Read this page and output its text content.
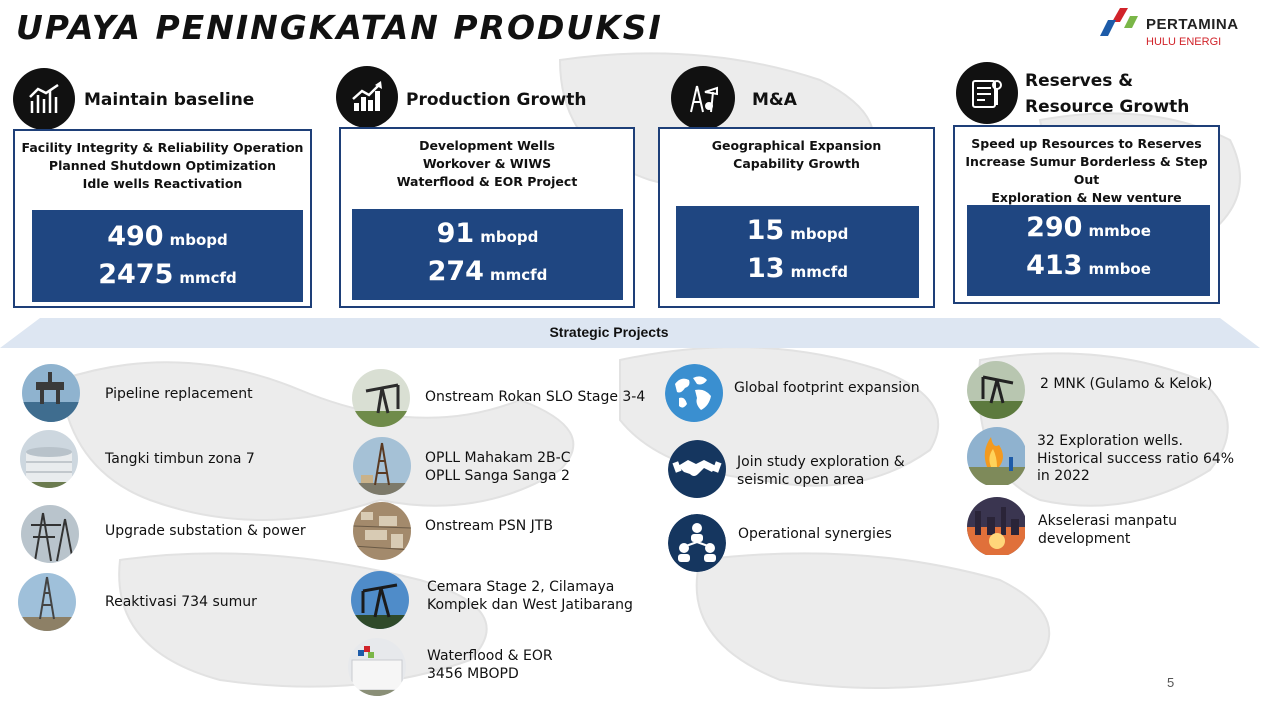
UPAYA PENINGKATAN PRODUKSI	PERTAMINA
HULU ENERGI
Maintain baseline
Facility Integrity & Reliability Operation
Planned Shutdown Optimization
Idle wells Reactivation
490 mbopd
2475 mmcfd
Production Growth
Development Wells
Workover & WIWS
Waterflood & EOR Project
91 mbopd
274 mmcfd
M&A
Geographical Expansion
Capability Growth
15 mbopd
13 mmcfd
Reserves &
Resource Growth
Speed up Resources to Reserves
Increase Sumur Borderless & Step Out
Exploration & New venture
290 mmboe
413 mmboe
Strategic Projects
Pipeline replacement
Tangki timbun zona 7
Upgrade substation & power
Reaktivasi 734 sumur
Onstream Rokan SLO Stage 3-4
OPLL Mahakam 2B-C
OPLL Sanga Sanga 2
Onstream PSN JTB
Cemara Stage 2, Cilamaya
Komplek dan West Jatibarang
Waterflood & EOR
3456 MBOPD
Global footprint expansion
Join study exploration &
seismic open area
Operational synergies
2 MNK (Gulamo & Kelok)
32 Exploration wells.
Historical success ratio 64%
in 2022
Akselerasi manpatu
development
5
